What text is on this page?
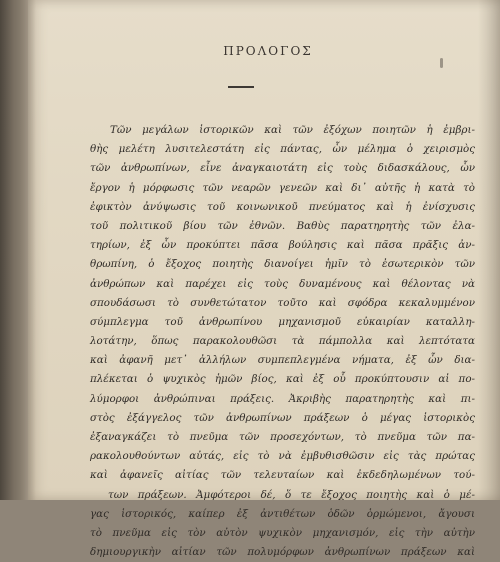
ΠΡΟΛΟΓΟΣ
Τῶν μεγάλων ἱστορικῶν καὶ τῶν ἐξόχων ποιητῶν ἡ ἐμβρι-
θὴς μελέτη λυσιτελεστάτη εἰς πάντας, ὧν μέλημα ὁ χειρισμὸς
τῶν ἀνθρωπίνων, εἶνε ἀναγκαιοτάτη εἰς τοὺς διδασκάλους, ὧν
ἔργον ἡ μόρφωσις τῶν νεαρῶν γενεῶν καὶ δι᾽ αὐτῆς ἡ κατὰ τὸ
ἐφικτὸν ἀνύψωσις τοῦ κοινωνικοῦ πνεύματος καὶ ἡ ἐνίσχυσις
τοῦ πολιτικοῦ βίου τῶν ἐθνῶν. Βαθὺς παρατηρητὴς τῶν ἐλα-
τηρίων, ἐξ ὧν προκύπτει πᾶσα βούλησις καὶ πᾶσα πρᾶξις ἀν-
θρωπίνη, ὁ ἔξοχος ποιητὴς διανοίγει ἡμῖν τὸ ἐσωτερικὸν τῶν
ἀνθρώπων καὶ παρέχει εἰς τοὺς δυναμένους καὶ θέλοντας νὰ
σπουδάσωσι τὸ συνθετώτατον τοῦτο καὶ σφόδρα κεκαλυμμένον
σύμπλεγμα τοῦ ἀνθρωπίνου μηχανισμοῦ εὐκαιρίαν καταλλη-
λοτάτην, ὅπως παρακολουθῶσι τὰ πάμπολλα καὶ λεπτότατα
καὶ ἀφανῆ μετ᾽ ἀλλήλων συμπεπλεγμένα νήματα, ἐξ ὧν δια-
πλέκεται ὁ ψυχικὸς ἡμῶν βίος, καὶ ἐξ οὗ προκύπτουσιν αἱ πο-
λύμορφοι ἀνθρώπιναι πράξεις. Ἀκριβὴς παρατηρητὴς καὶ πι-
στὸς ἐξάγγελος τῶν ἀνθρωπίνων πράξεων ὁ μέγας ἱστορικὸς
ἐξαναγκάζει τὸ πνεῦμα τῶν προσεχόντων, τὸ πνεῦμα τῶν πα-
ρακολουθούντων αὐτάς, εἰς τὸ νὰ ἐμβυθισθῶσιν εἰς τὰς πρώτας
καὶ ἀφανεῖς αἰτίας τῶν τελευταίων καὶ ἐκδεδηλωμένων τού-
των πράξεων. Ἀμφότεροι δέ, ὅ τε ἔξοχος ποιητὴς καὶ ὁ μέ-
γας ἱστορικός, καίπερ ἐξ ἀντιθέτων ὁδῶν ὁρμώμενοι, ἄγουσι
τὸ πνεῦμα εἰς τὸν αὐτὸν ψυχικὸν μηχανισμόν, εἰς τὴν αὐτὴν
δημιουργικὴν αἰτίαν τῶν πολυμόρφων ἀνθρωπίνων πράξεων καὶ
